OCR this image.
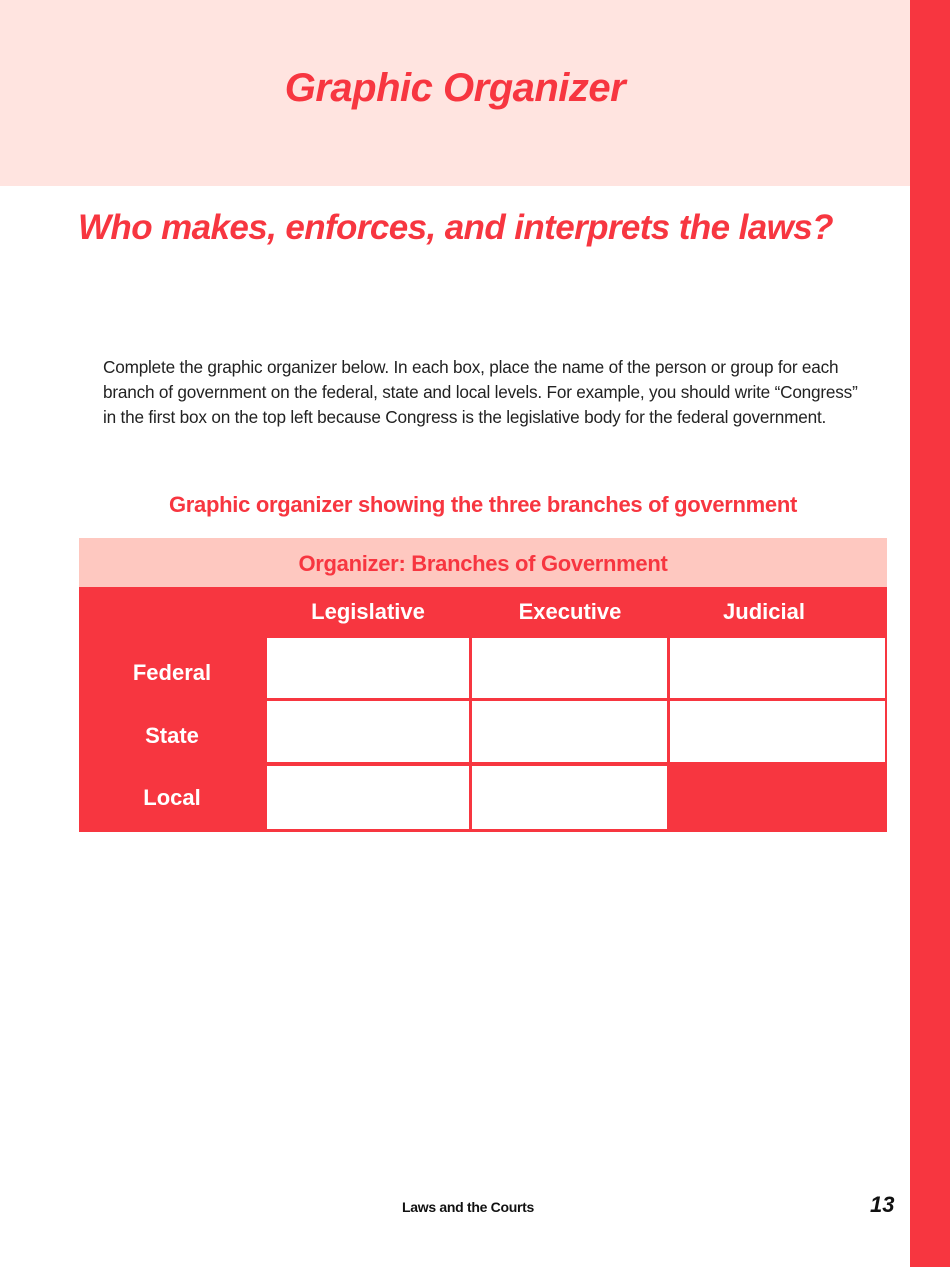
Graphic Organizer
Who makes, enforces, and interprets the laws?
Complete the graphic organizer below. In each box, place the name of the person or group for each branch of government on the federal, state and local levels. For example, you should write “Congress” in the first box on the top left because Congress is the legislative body for the federal government.
Graphic organizer showing the three branches of government
Organizer: Branches of Government
Legislative	Executive	Judicial
Federal
State
Local
Laws and the Courts	13
